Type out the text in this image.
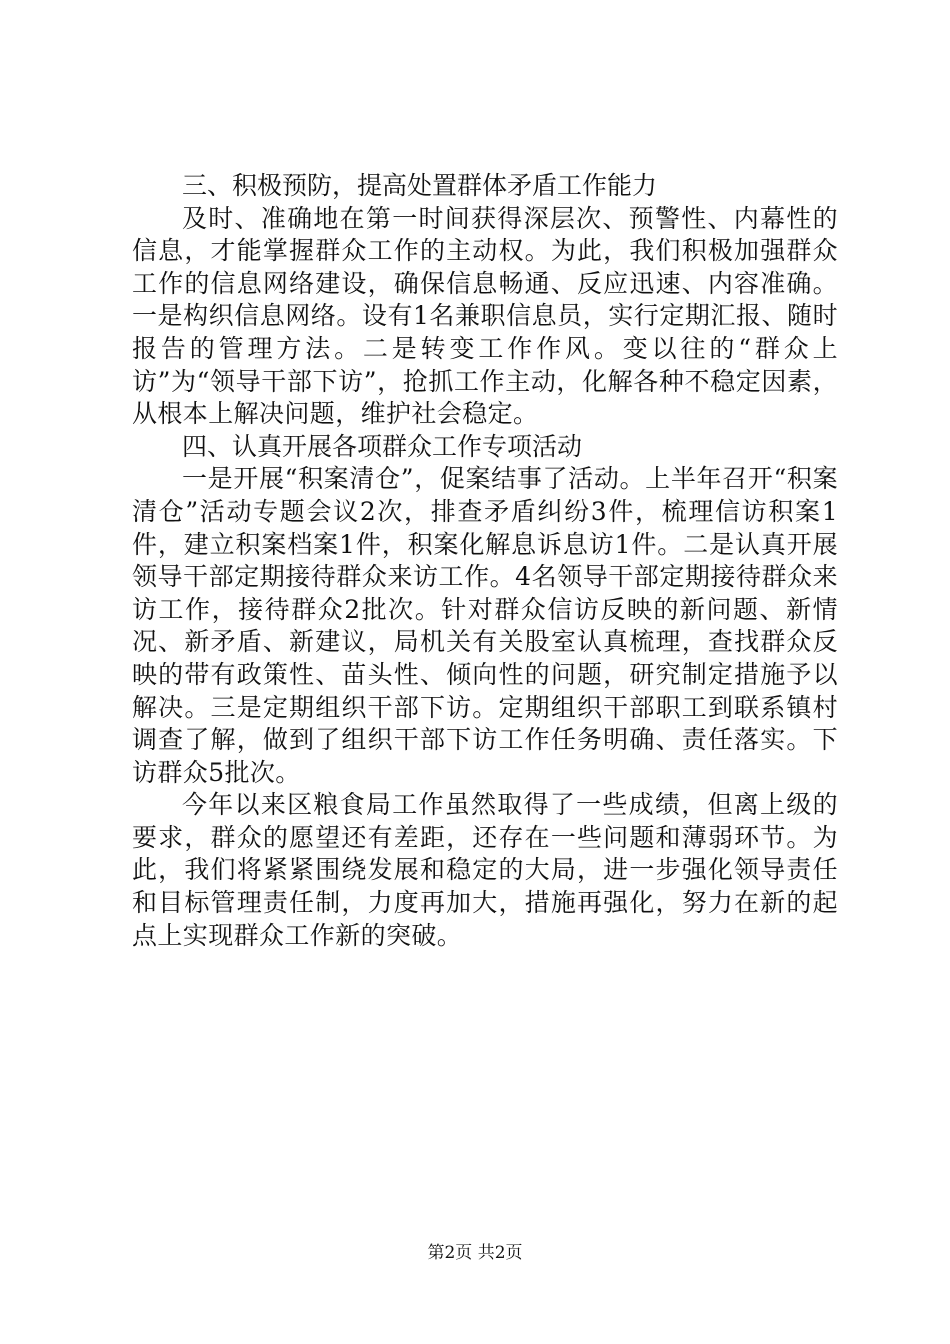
三、积极预防，提高处置群体矛盾工作能力

及时、准确地在第一时间获得深层次、预警性、内幕性的信息，才能掌握群众工作的主动权。为此，我们积极加强群众工作的信息网络建设，确保信息畅通、反应迅速、内容准确。一是构织信息网络。设有1名兼职信息员，实行定期汇报、随时报告的管理方法。二是转变工作作风。变以往的“群众上访”为“领导干部下访”，抢抓工作主动，化解各种不稳定因素，从根本上解决问题，维护社会稳定。

四、认真开展各项群众工作专项活动

一是开展“积案清仓”，促案结事了活动。上半年召开“积案清仓”活动专题会议2次，排查矛盾纠纷3件，梳理信访积案1件，建立积案档案1件，积案化解息诉息访1件。二是认真开展领导干部定期接待群众来访工作。4名领导干部定期接待群众来访工作，接待群众2批次。针对群众信访反映的新问题、新情况、新矛盾、新建议，局机关有关股室认真梳理，查找群众反映的带有政策性、苗头性、倾向性的问题，研究制定措施予以解决。三是定期组织干部下访。定期组织干部职工到联系镇村调查了解，做到了组织干部下访工作任务明确、责任落实。下访群众5批次。

今年以来区粮食局工作虽然取得了一些成绩，但离上级的要求，群众的愿望还有差距，还存在一些问题和薄弱环节。为此，我们将紧紧围绕发展和稳定的大局，进一步强化领导责任和目标管理责任制，力度再加大，措施再强化，努力在新的起点上实现群众工作新的突破。

第2页 共2页
